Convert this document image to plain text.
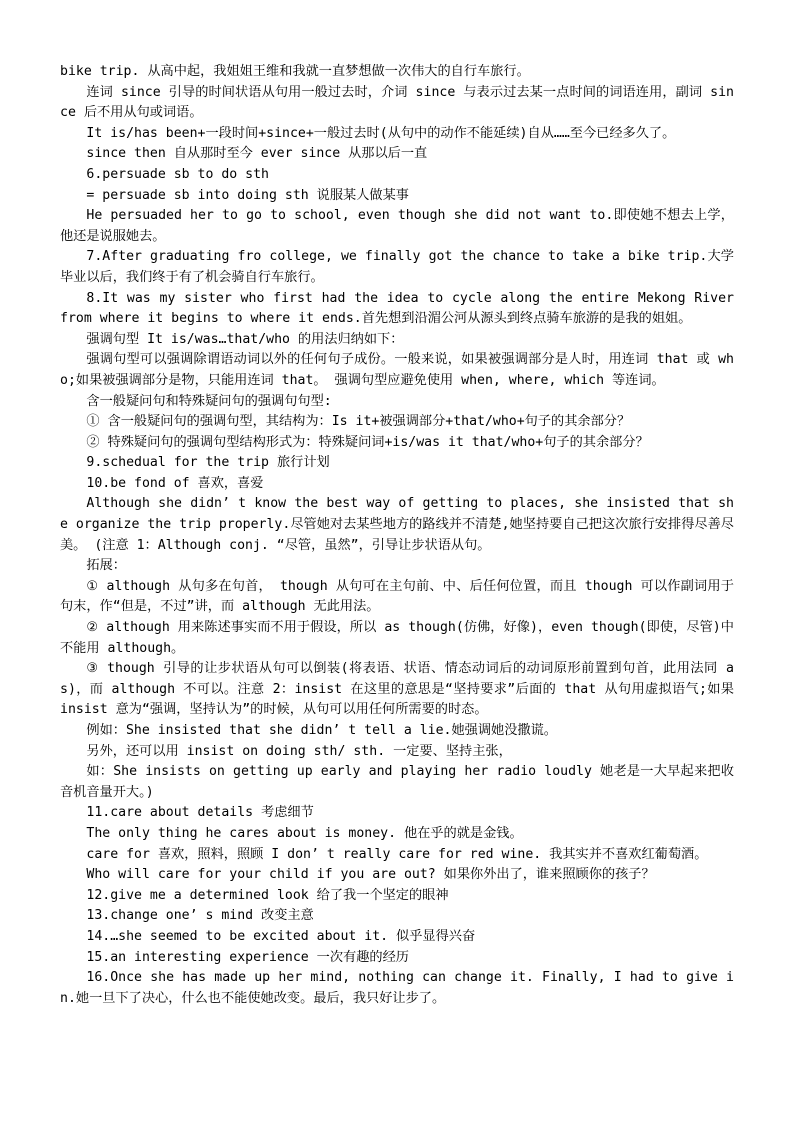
bike trip. 从高中起，我姐姐王维和我就一直梦想做一次伟大的自行车旅行。

连词 since 引导的时间状语从句用一般过去时，介词 since 与表示过去某一点时间的词语连用，副词 since 后不用从句或词语。

It is/has been+一段时间+since+一般过去时(从句中的动作不能延续)自从……至今已经多久了。

since then 自从那时至今 ever since 从那以后一直

6.persuade sb to do sth

= persuade sb into doing sth 说服某人做某事

He persuaded her to go to school, even though she did not want to.即使她不想去上学，他还是说服她去。

7.After graduating fro college, we finally got the chance to take a bike trip.大学毕业以后，我们终于有了机会骑自行车旅行。

8.It was my sister who first had the idea to cycle along the entire Mekong River from where it begins to where it ends.首先想到沿湄公河从源头到终点骑车旅游的是我的姐姐。

强调句型 It is/was…that/who 的用法归纳如下：

强调句型可以强调除谓语动词以外的任何句子成份。一般来说，如果被强调部分是人时，用连词 that 或 who;如果被强调部分是物，只能用连词 that。 强调句型应避免使用 when, where, which 等连词。

含一般疑问句和特殊疑问句的强调句句型:

① 含一般疑问句的强调句型，其结构为：Is it+被强调部分+that/who+句子的其余部分？

② 特殊疑问句的强调句型结构形式为：特殊疑问词+is/was it that/who+句子的其余部分？

9.schedual for the trip 旅行计划

10.be fond of 喜欢，喜爱

Although she didn’ t know the best way of getting to places, she insisted that she organize the trip properly.尽管她对去某些地方的路线并不清楚,她坚持要自己把这次旅行安排得尽善尽美。 (注意 1：Although conj. “尽管，虽然”，引导让步状语从句。

拓展：

① although 从句多在句首， though 从句可在主句前、中、后任何位置，而且 though 可以作副词用于句末，作“但是，不过”讲，而 although 无此用法。

② although 用来陈述事实而不用于假设，所以 as though(仿佛，好像)，even though(即使，尽管)中不能用 although。

③ though 引导的让步状语从句可以倒装(将表语、状语、情态动词后的动词原形前置到句首，此用法同 as)，而 although 不可以。注意 2：insist 在这里的意思是“坚持要求”后面的 that 从句用虚拟语气;如果 insist 意为“强调，坚持认为”的时候，从句可以用任何所需要的时态。

例如：She insisted that she didn’ t tell a lie.她强调她没撒谎。

另外，还可以用 insist on doing sth/ sth. 一定要、坚持主张，

如：She insists on getting up early and playing her radio loudly 她老是一大早起来把收音机音量开大。)

11.care about details 考虑细节

The only thing he cares about is money. 他在乎的就是金钱。

care for 喜欢，照料，照顾 I don’ t really care for red wine. 我其实并不喜欢红葡萄酒。

Who will care for your child if you are out? 如果你外出了，谁来照顾你的孩子？

12.give me a determined look 给了我一个坚定的眼神

13.change one’ s mind 改变主意

14.…she seemed to be excited about it. 似乎显得兴奋

15.an interesting experience 一次有趣的经历

16.Once she has made up her mind, nothing can change it. Finally, I had to give in.她一旦下了决心，什么也不能使她改变。最后，我只好让步了。
